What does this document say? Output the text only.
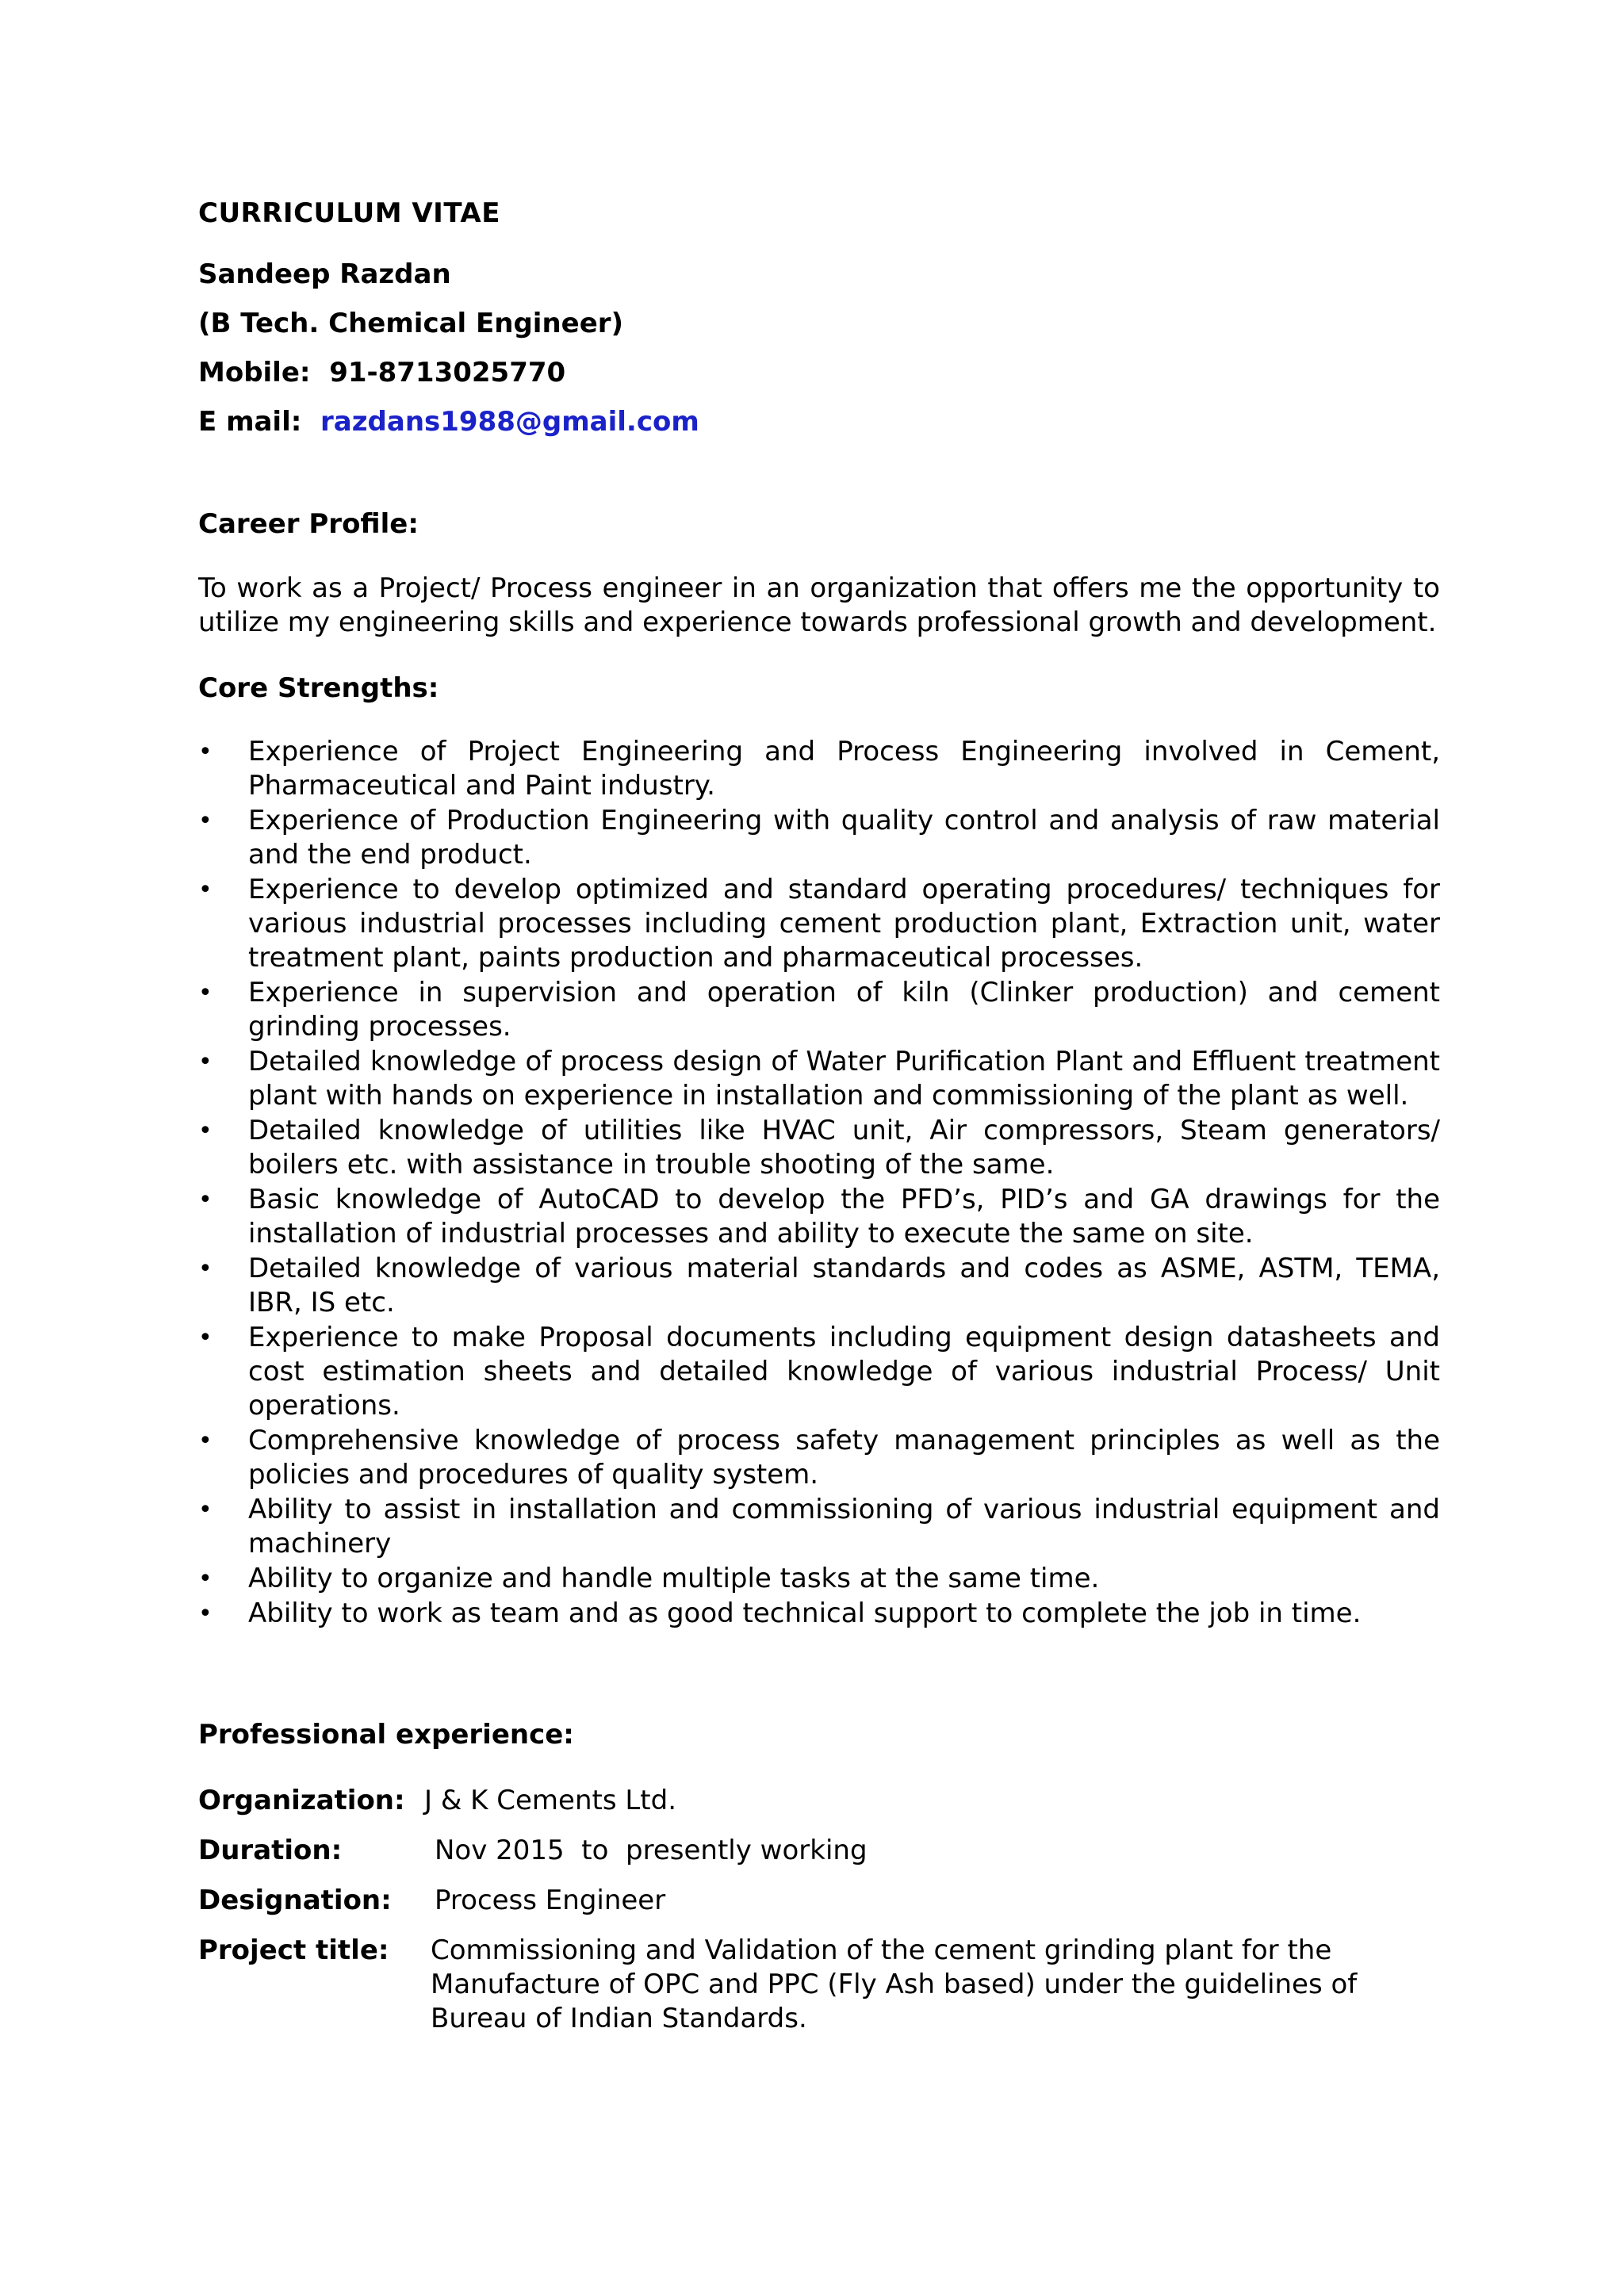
CURRICULUM VITAE

Sandeep Razdan

(B Tech. Chemical Engineer)

Mobile: 91-8713025770

E mail: razdans1988@gmail.com

Career Profile:

To work as a Project/ Process engineer in an organization that offers me the opportunity to utilize my engineering skills and experience towards professional growth and development.

Core Strengths:

• Experience of Project Engineering and Process Engineering involved in Cement, Pharmaceutical and Paint industry.
• Experience of Production Engineering with quality control and analysis of raw material and the end product.
• Experience to develop optimized and standard operating procedures/ techniques for various industrial processes including cement production plant, Extraction unit, water treatment plant, paints production and pharmaceutical processes.
• Experience in supervision and operation of kiln (Clinker production) and cement grinding processes.
• Detailed knowledge of process design of Water Purification Plant and Effluent treatment plant with hands on experience in installation and commissioning of the plant as well.
• Detailed knowledge of utilities like HVAC unit, Air compressors, Steam generators/ boilers etc. with assistance in trouble shooting of the same.
• Basic knowledge of AutoCAD to develop the PFD’s, PID’s and GA drawings for the installation of industrial processes and ability to execute the same on site.
• Detailed knowledge of various material standards and codes as ASME, ASTM, TEMA, IBR, IS etc.
• Experience to make Proposal documents including equipment design datasheets and cost estimation sheets and detailed knowledge of various industrial Process/ Unit operations.
• Comprehensive knowledge of process safety management principles as well as the policies and procedures of quality system.
• Ability to assist in installation and commissioning of various industrial equipment and machinery
• Ability to organize and handle multiple tasks at the same time.
• Ability to work as team and as good technical support to complete the job in time.

Professional experience:

Organization: J & K Cements Ltd.
Duration:	Nov 2015  to  presently working
Designation:	Process Engineer
Project title:	Commissioning and Validation of the cement grinding plant for the Manufacture of OPC and PPC (Fly Ash based) under the guidelines of Bureau of Indian Standards.
